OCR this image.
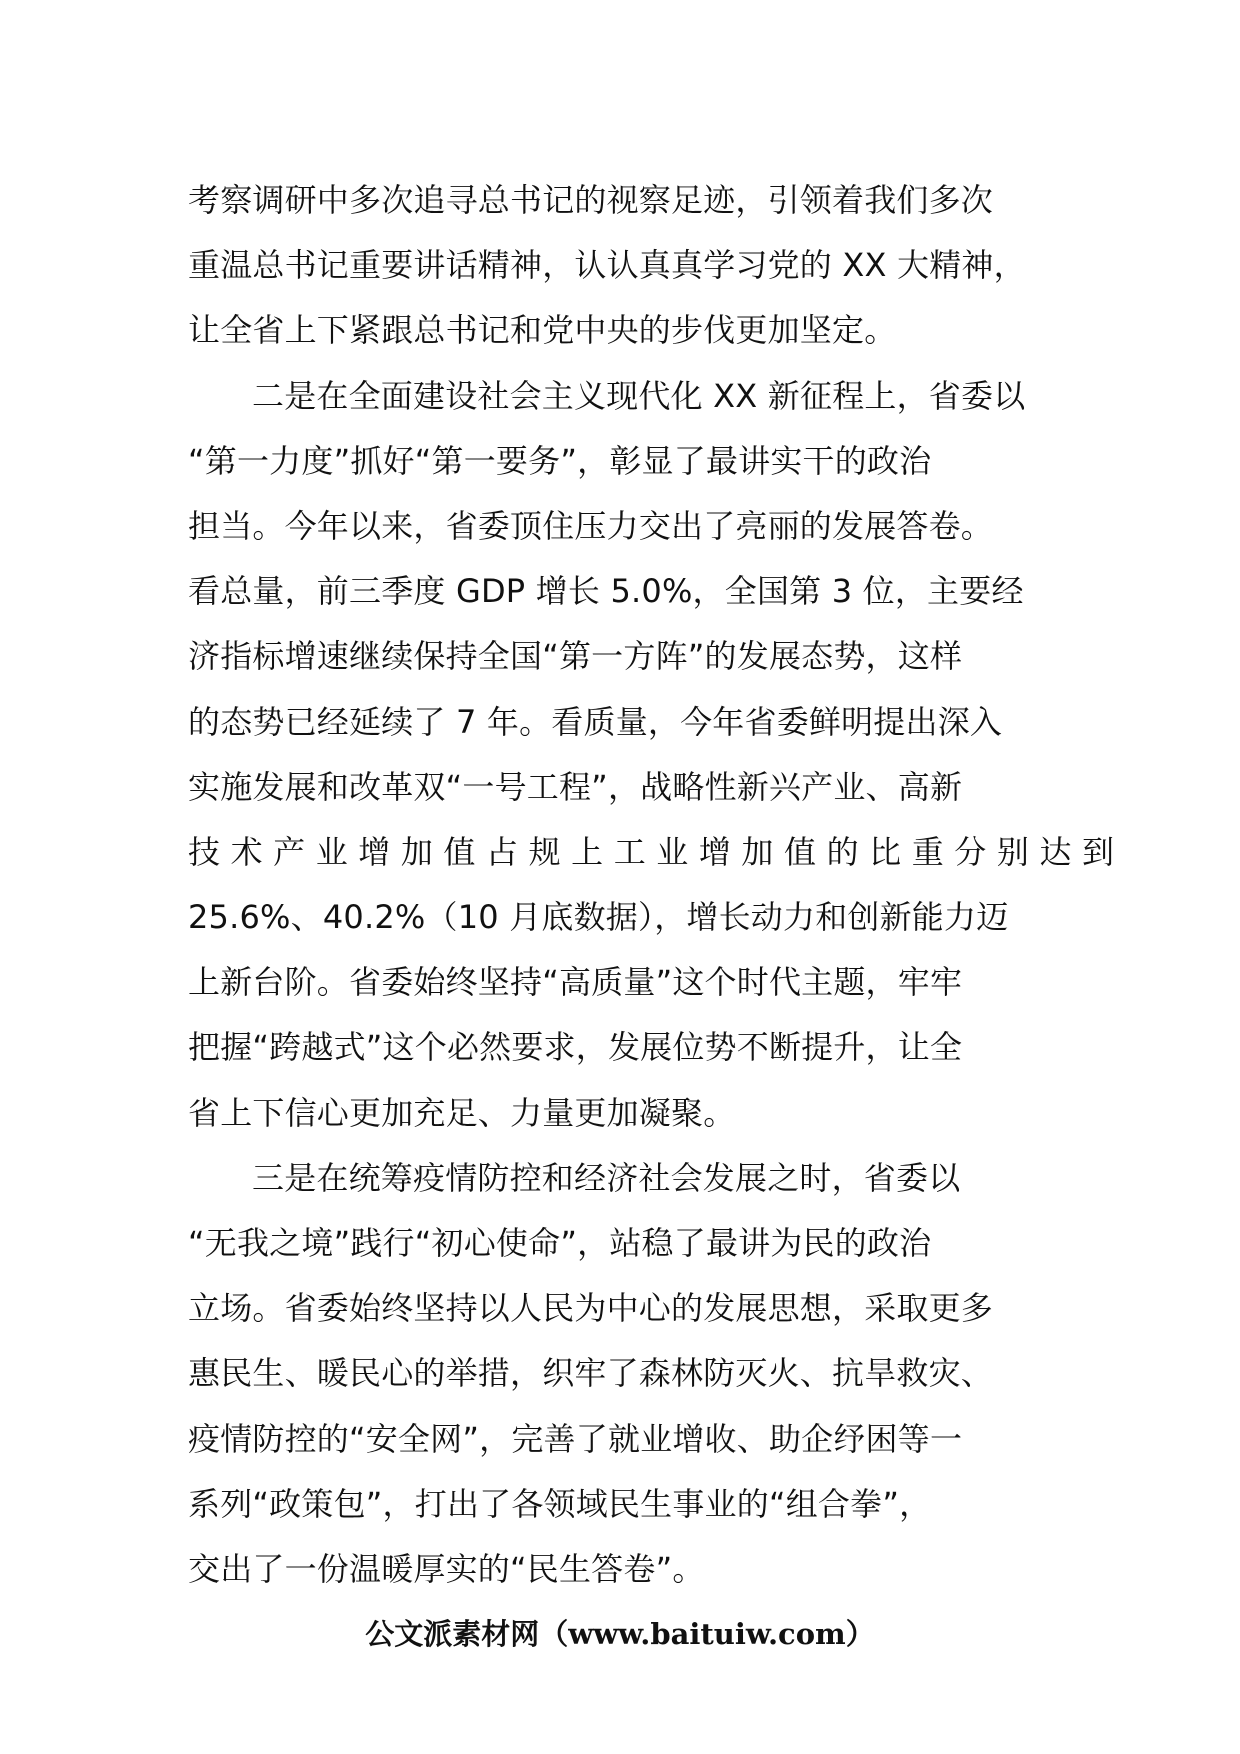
考察调研中多次追寻总书记的视察足迹，引领着我们多次
重温总书记重要讲话精神，认认真真学习党的 XX 大精神，
让全省上下紧跟总书记和党中央的步伐更加坚定。
二是在全面建设社会主义现代化 XX 新征程上，省委以
“第一力度”抓好“第一要务”，彰显了最讲实干的政治
担当。今年以来，省委顶住压力交出了亮丽的发展答卷。
看总量，前三季度 GDP 增长 5.0%，全国第 3 位，主要经
济指标增速继续保持全国“第一方阵”的发展态势，这样
的态势已经延续了 7 年。看质量，今年省委鲜明提出深入
实施发展和改革双“一号工程”，战略性新兴产业、高新
技 术 产 业 增 加 值 占 规 上 工 业 增 加 值 的 比 重 分 别 达 到
25.6%、40.2%（10 月底数据），增长动力和创新能力迈
上新台阶。省委始终坚持“高质量”这个时代主题，牢牢
把握“跨越式”这个必然要求，发展位势不断提升，让全
省上下信心更加充足、力量更加凝聚。
三是在统筹疫情防控和经济社会发展之时，省委以
“无我之境”践行“初心使命”，站稳了最讲为民的政治
立场。省委始终坚持以人民为中心的发展思想，采取更多
惠民生、暖民心的举措，织牢了森林防灭火、抗旱救灾、
疫情防控的“安全网”，完善了就业增收、助企纾困等一
系列“政策包”，打出了各领域民生事业的“组合拳”，
交出了一份温暖厚实的“民生答卷”。
公文派素材网（www.baituiw.com）
